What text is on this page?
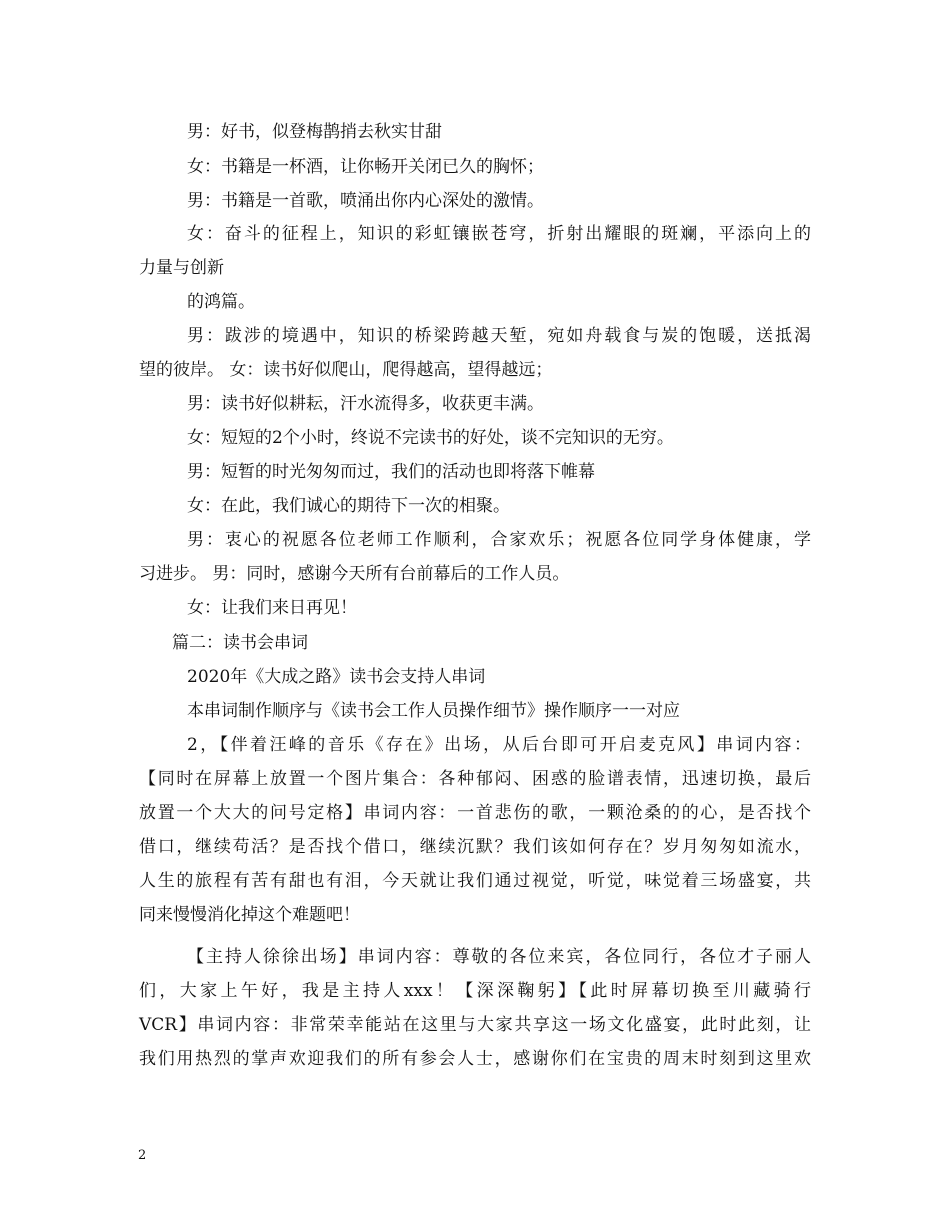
男：好书，似登梅鹊捎去秋实甘甜
女：书籍是一杯酒，让你畅开关闭已久的胸怀；
男：书籍是一首歌，喷涌出你内心深处的激情。
女：奋斗的征程上，知识的彩虹镶嵌苍穹，折射出耀眼的斑斓，平添向上的
力量与创新
的鸿篇。
男：跋涉的境遇中，知识的桥梁跨越天堑，宛如舟载食与炭的饱暖，送抵渴
望的彼岸。 女：读书好似爬山，爬得越高，望得越远；
男：读书好似耕耘，汗水流得多，收获更丰满。
女：短短的2个小时，终说不完读书的好处，谈不完知识的无穷。
男：短暂的时光匆匆而过，我们的活动也即将落下帷幕
女：在此，我们诚心的期待下一次的相聚。
男：衷心的祝愿各位老师工作顺利，合家欢乐；祝愿各位同学身体健康，学
习进步。 男：同时，感谢今天所有台前幕后的工作人员。
女：让我们来日再见！
篇二：读书会串词
2020年《大成之路》读书会支持人串词
本串词制作顺序与《读书会工作人员操作细节》操作顺序一一对应
2，【伴着汪峰的音乐《存在》出场，从后台即可开启麦克风】串词内容：
【同时在屏幕上放置一个图片集合：各种郁闷、困惑的脸谱表情，迅速切换，最后
放置一个大大的问号定格】串词内容：一首悲伤的歌，一颗沧桑的的心，是否找个
借口，继续苟活？是否找个借口，继续沉默？我们该如何存在？岁月匆匆如流水，
人生的旅程有苦有甜也有泪，今天就让我们通过视觉，听觉，味觉着三场盛宴，共
同来慢慢消化掉这个难题吧！
【主持人徐徐出场】串词内容：尊敬的各位来宾，各位同行，各位才子丽人
们，大家上午好，我是主持人xxx！【深深鞠躬】【此时屏幕切换至川藏骑行
VCR】串词内容：非常荣幸能站在这里与大家共享这一场文化盛宴，此时此刻，让
我们用热烈的掌声欢迎我们的所有参会人士，感谢你们在宝贵的周末时刻到这里欢
2
